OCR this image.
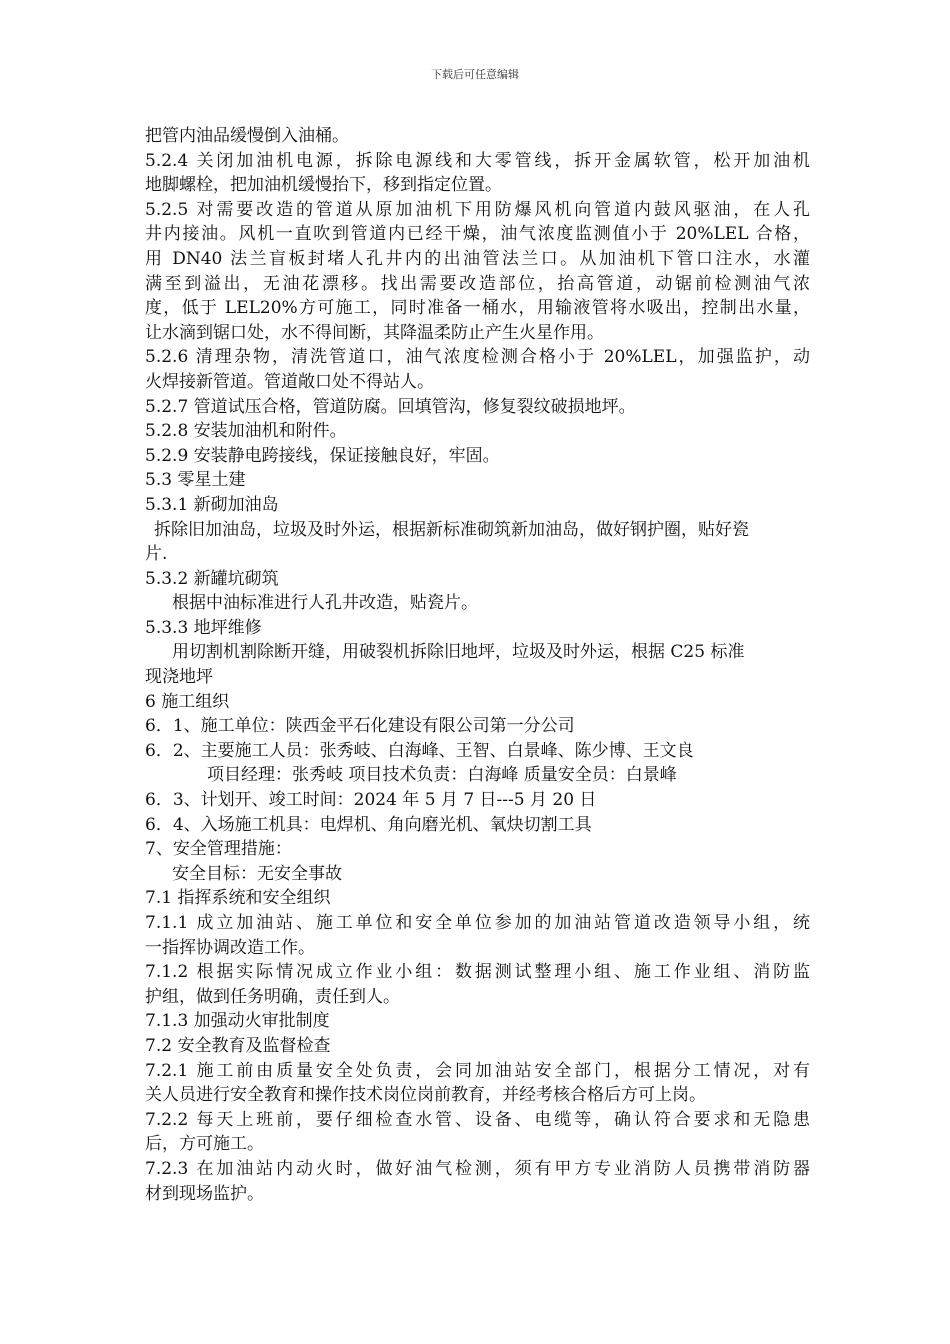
下载后可任意编辑
把管内油品缓慢倒入油桶。
5.2.4 关闭加油机电源，拆除电源线和大零管线，拆开金属软管，松开加油机
地脚螺栓，把加油机缓慢抬下，移到指定位置。
5.2.5 对需要改造的管道从原加油机下用防爆风机向管道内鼓风驱油，在人孔
井内接油。风机一直吹到管道内已经干燥，油气浓度监测值小于 20%LEL 合格，
用 DN40 法兰盲板封堵人孔井内的出油管法兰口。从加油机下管口注水，水灌
满至到溢出，无油花漂移。找出需要改造部位，抬高管道，动锯前检测油气浓
度，低于 LEL20%方可施工，同时准备一桶水，用输液管将水吸出，控制出水量，
让水滴到锯口处，水不得间断，其降温柔防止产生火星作用。
5.2.6 清理杂物，清洗管道口，油气浓度检测合格小于 20%LEL，加强监护，动
火焊接新管道。管道敞口处不得站人。
5.2.7 管道试压合格，管道防腐。回填管沟，修复裂纹破损地坪。
5.2.8 安装加油机和附件。
5.2.9 安装静电跨接线，保证接触良好，牢固。
5.3 零星土建
5.3.1 新砌加油岛
拆除旧加油岛，垃圾及时外运，根据新标准砌筑新加油岛，做好钢护圈，贴好瓷
片.
5.3.2 新罐坑砌筑
根据中油标准进行人孔井改造，贴瓷片。
5.3.3 地坪维修
用切割机割除断开缝，用破裂机拆除旧地坪，垃圾及时外运，根据 C25 标准
现浇地坪
6 施工组织
6．1、施工单位：陕西金平石化建设有限公司第一分公司
6．2、主要施工人员：张秀岐、白海峰、王智、白景峰、陈少博、王文良
项目经理：张秀岐 项目技术负责：白海峰 质量安全员：白景峰
6．3、计划开、竣工时间：2024 年 5 月 7 日---5 月 20 日
6．4、入场施工机具：电焊机、角向磨光机、氧炔切割工具
7、安全管理措施：
安全目标：无安全事故
7.1 指挥系统和安全组织
7.1.1 成立加油站、施工单位和安全单位参加的加油站管道改造领导小组，统
一指挥协调改造工作。
7.1.2 根据实际情况成立作业小组：数据测试整理小组、施工作业组、消防监
护组，做到任务明确，责任到人。
7.1.3 加强动火审批制度
7.2 安全教育及监督检查
7.2.1 施工前由质量安全处负责，会同加油站安全部门，根据分工情况，对有
关人员进行安全教育和操作技术岗位岗前教育，并经考核合格后方可上岗。
7.2.2 每天上班前，要仔细检查水管、设备、电缆等，确认符合要求和无隐患
后，方可施工。
7.2.3 在加油站内动火时，做好油气检测，须有甲方专业消防人员携带消防器
材到现场监护。
